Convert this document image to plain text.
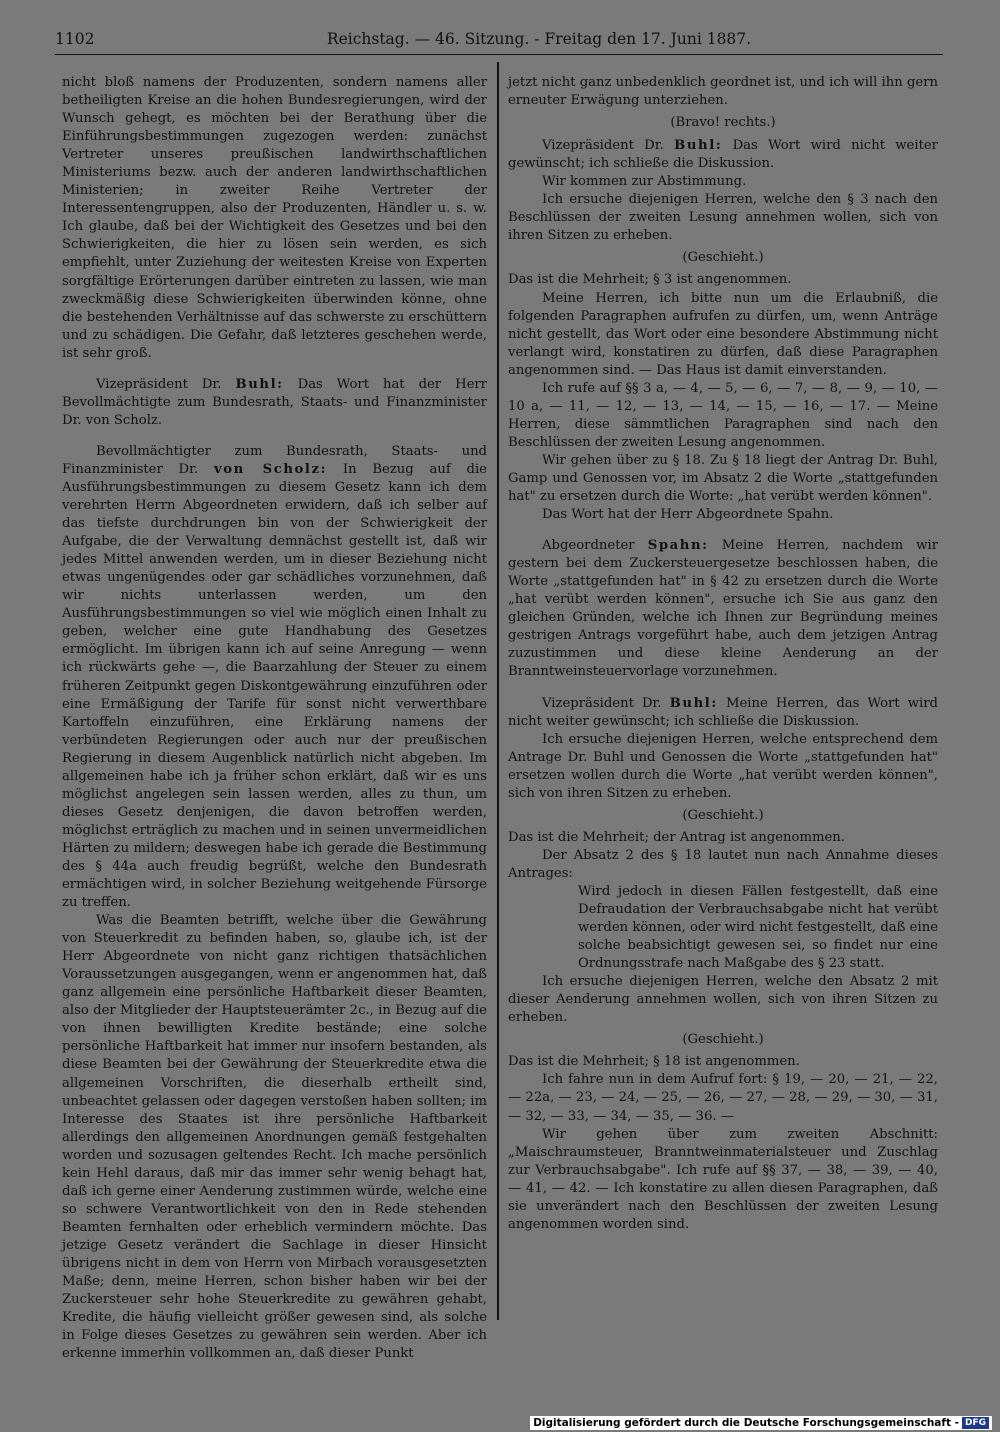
1102	Reichstag. — 46. Sitzung. - Freitag den 17. Juni 1887.

nicht bloß namens der Produzenten, sondern namens aller betheiligten Kreise an die hohen Bundesregierungen, wird der Wunsch gehegt, es möchten bei der Berathung über die Einführungsbestimmungen zugezogen werden: zunächst Vertreter unseres preußischen landwirthschaftlichen Ministeriums bezw. auch der anderen landwirthschaftlichen Ministerien; in zweiter Reihe Vertreter der Interessentengruppen, also der Produzenten, Händler u. s. w. Ich glaube, daß bei der Wichtigkeit des Gesetzes und bei den Schwierigkeiten, die hier zu lösen sein werden, es sich empfiehlt, unter Zuziehung der weitesten Kreise von Experten sorgfältige Erörterungen darüber eintreten zu lassen, wie man zweckmäßig diese Schwierigkeiten überwinden könne, ohne die bestehenden Verhältnisse auf das schwerste zu erschüttern und zu schädigen. Die Gefahr, daß letzteres geschehen werde, ist sehr groß.

Vizepräsident Dr. Buhl: Das Wort hat der Herr Bevollmächtigte zum Bundesrath, Staats- und Finanzminister Dr. von Scholz.

Bevollmächtigter zum Bundesrath, Staats- und Finanzminister Dr. von Scholz: In Bezug auf die Ausführungsbestimmungen zu diesem Gesetz kann ich dem verehrten Herrn Abgeordneten erwidern, daß ich selber auf das tiefste durchdrungen bin von der Schwierigkeit der Aufgabe, die der Verwaltung demnächst gestellt ist, daß wir jedes Mittel anwenden werden, um in dieser Beziehung nicht etwas ungenügendes oder gar schädliches vorzunehmen, daß wir nichts unterlassen werden, um den Ausführungsbestimmungen so viel wie möglich einen Inhalt zu geben, welcher eine gute Handhabung des Gesetzes ermöglicht. Im übrigen kann ich auf seine Anregung — wenn ich rückwärts gehe —, die Baarzahlung der Steuer zu einem früheren Zeitpunkt gegen Diskontgewährung einzuführen oder eine Ermäßigung der Tarife für sonst nicht verwerthbare Kartoffeln einzuführen, eine Erklärung namens der verbündeten Regierungen oder auch nur der preußischen Regierung in diesem Augenblick natürlich nicht abgeben. Im allgemeinen habe ich ja früher schon erklärt, daß wir es uns möglichst angelegen sein lassen werden, alles zu thun, um dieses Gesetz denjenigen, die davon betroffen werden, möglichst erträglich zu machen und in seinen unvermeidlichen Härten zu mildern; deswegen habe ich gerade die Bestimmung des § 44a auch freudig begrüßt, welche den Bundesrath ermächtigen wird, in solcher Beziehung weitgehende Fürsorge zu treffen.

Was die Beamten betrifft, welche über die Gewährung von Steuerkredit zu befinden haben, so, glaube ich, ist der Herr Abgeordnete von nicht ganz richtigen thatsächlichen Voraussetzungen ausgegangen, wenn er angenommen hat, daß ganz allgemein eine persönliche Haftbarkeit dieser Beamten, also der Mitglieder der Hauptsteuerämter 2c., in Bezug auf die von ihnen bewilligten Kredite bestände; eine solche persönliche Haftbarkeit hat immer nur insofern bestanden, als diese Beamten bei der Gewährung der Steuerkredite etwa die allgemeinen Vorschriften, die dieserhalb ertheilt sind, unbeachtet gelassen oder dagegen verstoßen haben sollten; im Interesse des Staates ist ihre persönliche Haftbarkeit allerdings den allgemeinen Anordnungen gemäß festgehalten worden und sozusagen geltendes Recht. Ich mache persönlich kein Hehl daraus, daß mir das immer sehr wenig behagt hat, daß ich gerne einer Aenderung zustimmen würde, welche eine so schwere Verantwortlichkeit von den in Rede stehenden Beamten fernhalten oder erheblich vermindern möchte. Das jetzige Gesetz verändert die Sachlage in dieser Hinsicht übrigens nicht in dem von Herrn von Mirbach vorausgesetzten Maße; denn, meine Herren, schon bisher haben wir bei der Zuckersteuer sehr hohe Steuerkredite zu gewähren gehabt, Kredite, die häufig vielleicht größer gewesen sind, als solche in Folge dieses Gesetzes zu gewähren sein werden. Aber ich erkenne immerhin vollkommen an, daß dieser Punkt

jetzt nicht ganz unbedenklich geordnet ist, und ich will ihn gern erneuter Erwägung unterziehen.

(Bravo! rechts.)

Vizepräsident Dr. Buhl: Das Wort wird nicht weiter gewünscht; ich schließe die Diskussion.

Wir kommen zur Abstimmung.

Ich ersuche diejenigen Herren, welche den § 3 nach den Beschlüssen der zweiten Lesung annehmen wollen, sich von ihren Sitzen zu erheben.

(Geschieht.)

Das ist die Mehrheit; § 3 ist angenommen.

Meine Herren, ich bitte nun um die Erlaubniß, die folgenden Paragraphen aufrufen zu dürfen, um, wenn Anträge nicht gestellt, das Wort oder eine besondere Abstimmung nicht verlangt wird, konstatiren zu dürfen, daß diese Paragraphen angenommen sind. — Das Haus ist damit einverstanden.

Ich rufe auf §§ 3 a, — 4, — 5, — 6, — 7, — 8, — 9, — 10, — 10 a, — 11, — 12, — 13, — 14, — 15, — 16, — 17. — Meine Herren, diese sämmtlichen Paragraphen sind nach den Beschlüssen der zweiten Lesung angenommen.

Wir gehen über zu § 18. Zu § 18 liegt der Antrag Dr. Buhl, Gamp und Genossen vor, im Absatz 2 die Worte „stattgefunden hat" zu ersetzen durch die Worte: „hat verübt werden können".

Das Wort hat der Herr Abgeordnete Spahn.

Abgeordneter Spahn: Meine Herren, nachdem wir gestern bei dem Zuckersteuergesetze beschlossen haben, die Worte „stattgefunden hat" in § 42 zu ersetzen durch die Worte „hat verübt werden können", ersuche ich Sie aus ganz den gleichen Gründen, welche ich Ihnen zur Begründung meines gestrigen Antrags vorgeführt habe, auch dem jetzigen Antrag zuzustimmen und diese kleine Aenderung an der Branntweinsteuervorlage vorzunehmen.

Vizepräsident Dr. Buhl: Meine Herren, das Wort wird nicht weiter gewünscht; ich schließe die Diskussion.

Ich ersuche diejenigen Herren, welche entsprechend dem Antrage Dr. Buhl und Genossen die Worte „stattgefunden hat" ersetzen wollen durch die Worte „hat verübt werden können", sich von ihren Sitzen zu erheben.

(Geschieht.)

Das ist die Mehrheit; der Antrag ist angenommen.

Der Absatz 2 des § 18 lautet nun nach Annahme dieses Antrages:

Wird jedoch in diesen Fällen festgestellt, daß eine Defraudation der Verbrauchsabgabe nicht hat verübt werden können, oder wird nicht festgestellt, daß eine solche beabsichtigt gewesen sei, so findet nur eine Ordnungsstrafe nach Maßgabe des § 23 statt.

Ich ersuche diejenigen Herren, welche den Absatz 2 mit dieser Aenderung annehmen wollen, sich von ihren Sitzen zu erheben.

(Geschieht.)

Das ist die Mehrheit; § 18 ist angenommen.

Ich fahre nun in dem Aufruf fort: § 19, — 20, — 21, — 22, — 22a, — 23, — 24, — 25, — 26, — 27, — 28, — 29, — 30, — 31, — 32, — 33, — 34, — 35, — 36. —

Wir gehen über zum zweiten Abschnitt: „Maischraumsteuer, Branntweinmaterialsteuer und Zuschlag zur Verbrauchsabgabe". Ich rufe auf §§ 37, — 38, — 39, — 40, — 41, — 42. — Ich konstatire zu allen diesen Paragraphen, daß sie unverändert nach den Beschlüssen der zweiten Lesung angenommen worden sind.

Digitalisierung gefördert durch die Deutsche Forschungsgemeinschaft - DFG
